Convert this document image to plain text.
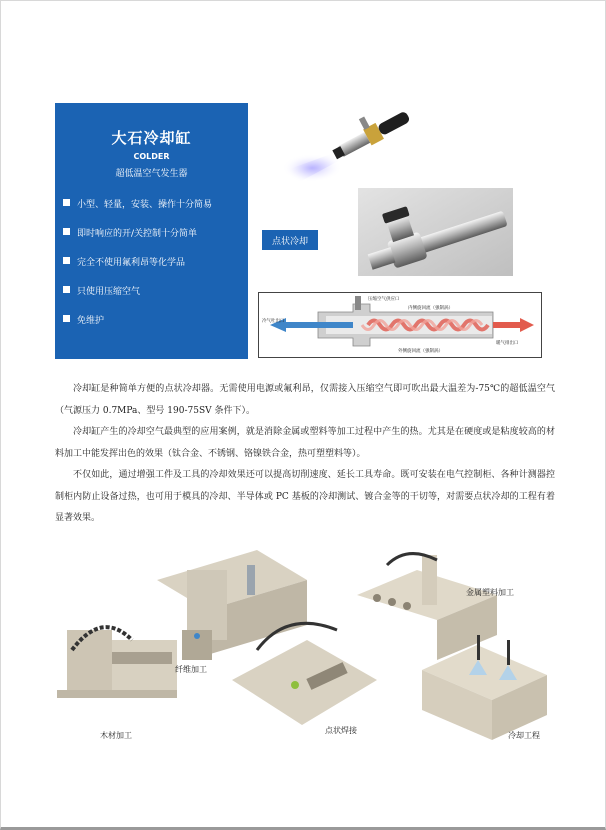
大石冷却缸
COLDER
超低温空气发生器
小型、轻量，安装、操作十分简易
即时响应的开/关控制十分简单
完全不使用氟利昂等化学品
只使用压缩空气
免维护
点状冷却
压缩空气供应口
冷气吐出口
暖气排出口
内侧旋回流（强制涡）
外侧旋回流（强制涡）

冷却缸是种简单方便的点状冷却器。无需使用电源或氟利昂，仅需接入压缩空气即可吹出最大温差为-75℃的超低温空气（气源压力 0.7MPa、型号 190-75SV 条件下）。

冷却缸产生的冷却空气最典型的应用案例，就是消除金属或塑料等加工过程中产生的热。尤其是在硬度或是粘度较高的材料加工中能发挥出色的效果（钛合金、不锈钢、铬镍铁合金，热可塑塑料等）。

不仅如此，通过增强工件及工具的冷却效果还可以提高切削速度、延长工具寿命。既可安装在电气控制柜、各种计测器控制柜内防止设备过热，也可用于模具的冷却、半导体或 PC 基板的冷却测试、镀合金等的干切等，对需要点状冷却的工程有着显著效果。

纤维加工
金属塑料加工
木材加工
点状焊接
冷却工程
